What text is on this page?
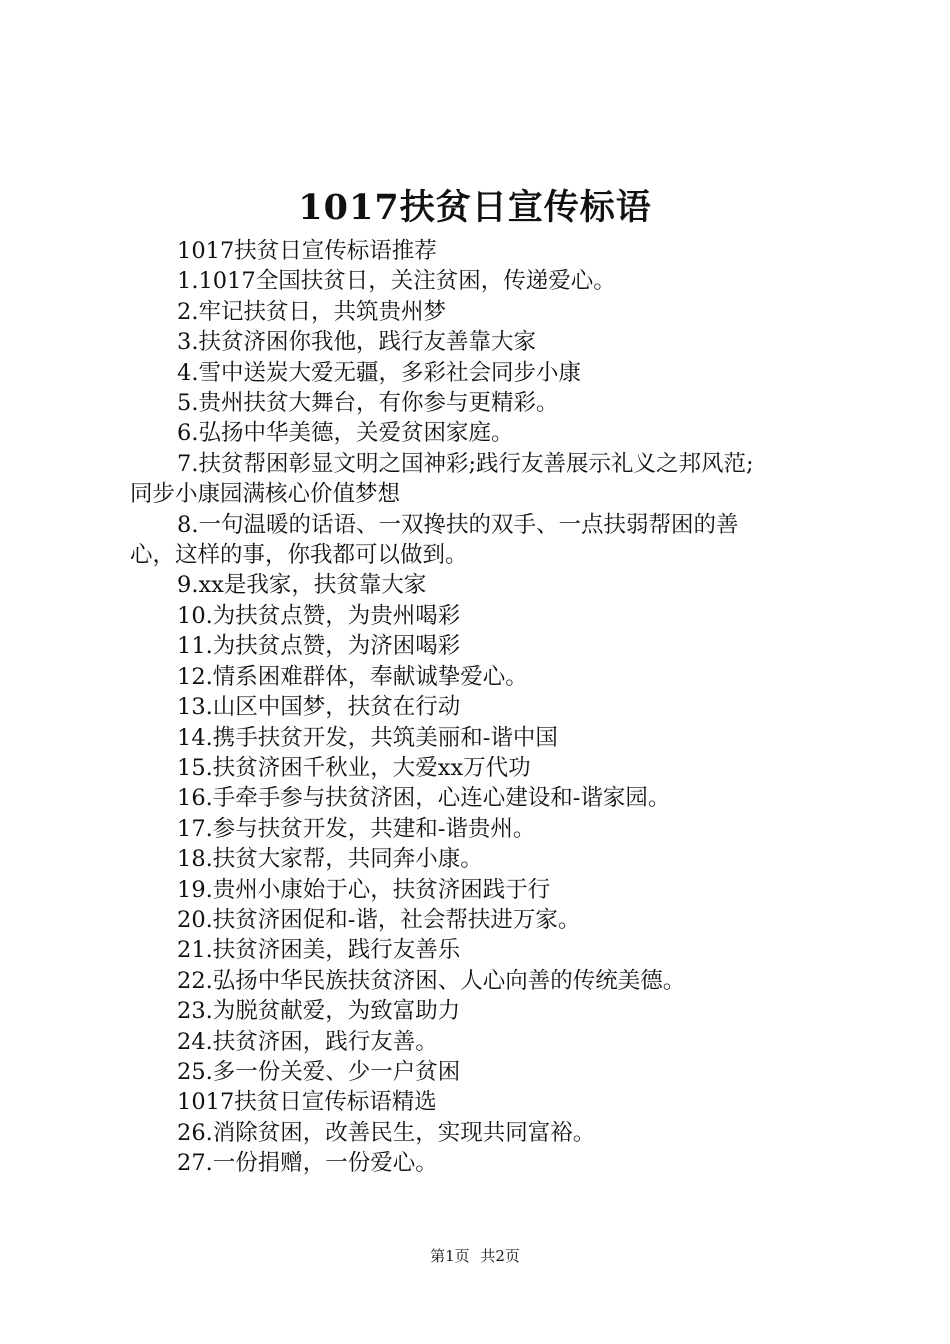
1017扶贫日宣传标语
1017扶贫日宣传标语推荐
1.1017全国扶贫日，关注贫困，传递爱心。
2.牢记扶贫日，共筑贵州梦
3.扶贫济困你我他，践行友善靠大家
4.雪中送炭大爱无疆，多彩社会同步小康
5.贵州扶贫大舞台，有你参与更精彩。
6.弘扬中华美德，关爱贫困家庭。
7.扶贫帮困彰显文明之国神彩;践行友善展示礼义之邦风范;
同步小康园满核心价值梦想
8.一句温暖的话语、一双搀扶的双手、一点扶弱帮困的善
心，这样的事，你我都可以做到。
9.xx是我家，扶贫靠大家
10.为扶贫点赞，为贵州喝彩
11.为扶贫点赞，为济困喝彩
12.情系困难群体，奉献诚挚爱心。
13.山区中国梦，扶贫在行动
14.携手扶贫开发，共筑美丽和-谐中国
15.扶贫济困千秋业，大爱xx万代功
16.手牵手参与扶贫济困，心连心建设和-谐家园。
17.参与扶贫开发，共建和-谐贵州。
18.扶贫大家帮，共同奔小康。
19.贵州小康始于心，扶贫济困践于行
20.扶贫济困促和-谐，社会帮扶进万家。
21.扶贫济困美，践行友善乐
22.弘扬中华民族扶贫济困、人心向善的传统美德。
23.为脱贫献爱，为致富助力
24.扶贫济困，践行友善。
25.多一份关爱、少一户贫困
1017扶贫日宣传标语精选
26.消除贫困，改善民生，实现共同富裕。
27.一份捐赠，一份爱心。
第1页 共2页
